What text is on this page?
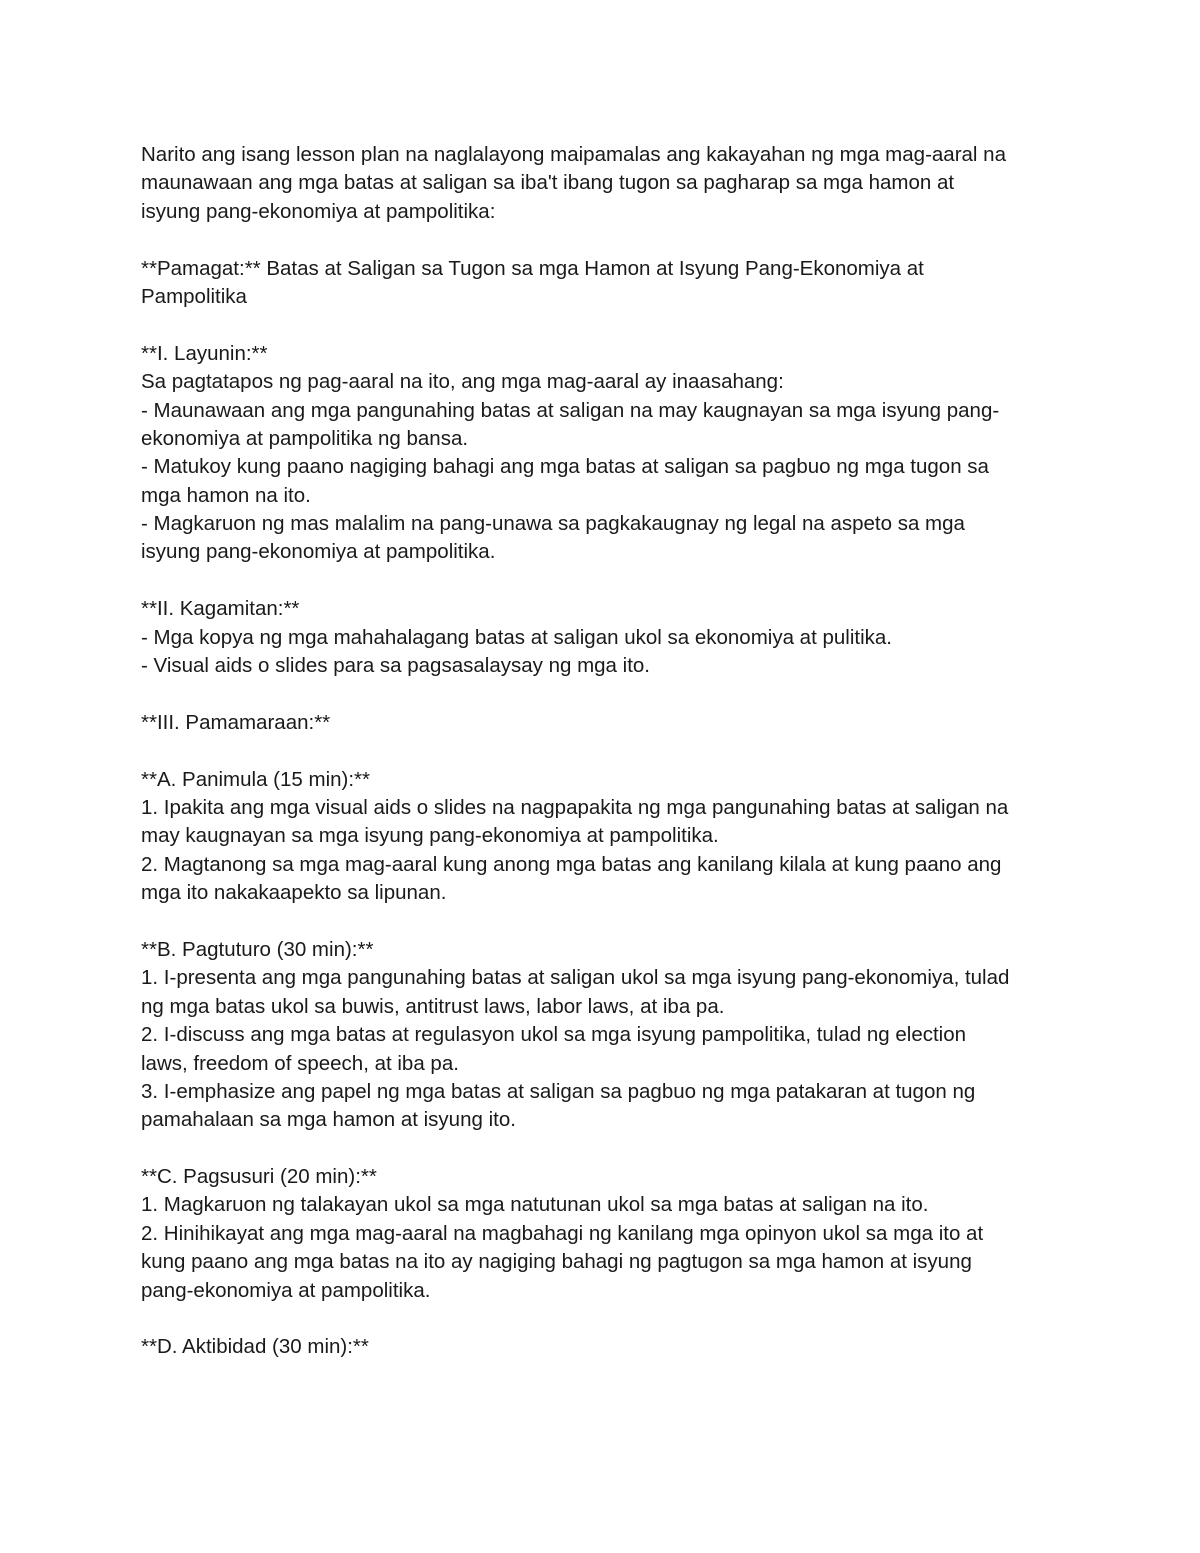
Narito ang isang lesson plan na naglalayong maipamalas ang kakayahan ng mga mag-aaral na
maunawaan ang mga batas at saligan sa iba't ibang tugon sa pagharap sa mga hamon at
isyung pang-ekonomiya at pampolitika:
**Pamagat:** Batas at Saligan sa Tugon sa mga Hamon at Isyung Pang-Ekonomiya at
Pampolitika
**I. Layunin:**
Sa pagtatapos ng pag-aaral na ito, ang mga mag-aaral ay inaasahang:
- Maunawaan ang mga pangunahing batas at saligan na may kaugnayan sa mga isyung pang-
ekonomiya at pampolitika ng bansa.
- Matukoy kung paano nagiging bahagi ang mga batas at saligan sa pagbuo ng mga tugon sa
mga hamon na ito.
- Magkaruon ng mas malalim na pang-unawa sa pagkakaugnay ng legal na aspeto sa mga
isyung pang-ekonomiya at pampolitika.
**II. Kagamitan:**
- Mga kopya ng mga mahahalagang batas at saligan ukol sa ekonomiya at pulitika.
- Visual aids o slides para sa pagsasalaysay ng mga ito.
**III. Pamamaraan:**
**A. Panimula (15 min):**
1. Ipakita ang mga visual aids o slides na nagpapakita ng mga pangunahing batas at saligan na
may kaugnayan sa mga isyung pang-ekonomiya at pampolitika.
2. Magtanong sa mga mag-aaral kung anong mga batas ang kanilang kilala at kung paano ang
mga ito nakakaapekto sa lipunan.
**B. Pagtuturo (30 min):**
1. I-presenta ang mga pangunahing batas at saligan ukol sa mga isyung pang-ekonomiya, tulad
ng mga batas ukol sa buwis, antitrust laws, labor laws, at iba pa.
2. I-discuss ang mga batas at regulasyon ukol sa mga isyung pampolitika, tulad ng election
laws, freedom of speech, at iba pa.
3. I-emphasize ang papel ng mga batas at saligan sa pagbuo ng mga patakaran at tugon ng
pamahalaan sa mga hamon at isyung ito.
**C. Pagsusuri (20 min):**
1. Magkaruon ng talakayan ukol sa mga natutunan ukol sa mga batas at saligan na ito.
2. Hinihikayat ang mga mag-aaral na magbahagi ng kanilang mga opinyon ukol sa mga ito at
kung paano ang mga batas na ito ay nagiging bahagi ng pagtugon sa mga hamon at isyung
pang-ekonomiya at pampolitika.
**D. Aktibidad (30 min):**
